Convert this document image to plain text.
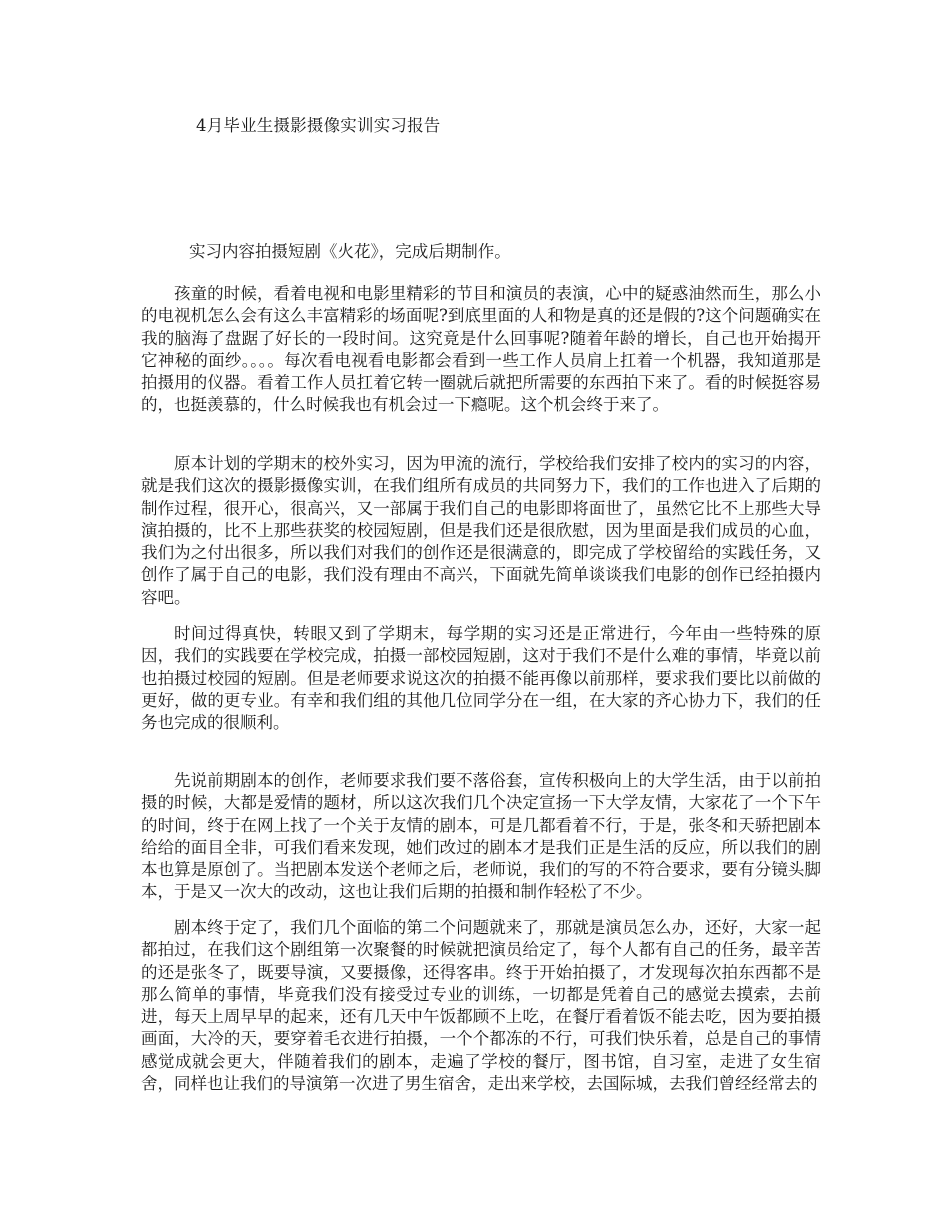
4月毕业生摄影摄像实训实习报告
实习内容拍摄短剧《火花》，完成后期制作。

孩童的时候，看着电视和电影里精彩的节目和演员的表演，心中的疑惑油然而生，那么小的电视机怎么会有这么丰富精彩的场面呢?到底里面的人和物是真的还是假的?这个问题确实在我的脑海了盘踞了好长的一段时间。这究竟是什么回事呢?随着年龄的增长，自己也开始揭开它神秘的面纱。。。。每次看电视看电影都会看到一些工作人员肩上扛着一个机器，我知道那是拍摄用的仪器。看着工作人员扛着它转一圈就后就把所需要的东西拍下来了。看的时候挺容易的，也挺羡慕的，什么时候我也有机会过一下瘾呢。这个机会终于来了。

原本计划的学期末的校外实习，因为甲流的流行，学校给我们安排了校内的实习的内容，就是我们这次的摄影摄像实训，在我们组所有成员的共同努力下，我们的工作也进入了后期的制作过程，很开心，很高兴，又一部属于我们自己的电影即将面世了，虽然它比不上那些大导演拍摄的，比不上那些获奖的校园短剧，但是我们还是很欣慰，因为里面是我们成员的心血，我们为之付出很多，所以我们对我们的创作还是很满意的，即完成了学校留给的实践任务，又创作了属于自己的电影，我们没有理由不高兴，下面就先简单谈谈我们电影的创作已经拍摄内容吧。

时间过得真快，转眼又到了学期末，每学期的实习还是正常进行，今年由一些特殊的原因，我们的实践要在学校完成，拍摄一部校园短剧，这对于我们不是什么难的事情，毕竟以前也拍摄过校园的短剧。但是老师要求说这次的拍摄不能再像以前那样，要求我们要比以前做的更好，做的更专业。有幸和我们组的其他几位同学分在一组，在大家的齐心协力下，我们的任务也完成的很顺利。

先说前期剧本的创作，老师要求我们要不落俗套，宣传积极向上的大学生活，由于以前拍摄的时候，大都是爱情的题材，所以这次我们几个决定宣扬一下大学友情，大家花了一个下午的时间，终于在网上找了一个关于友情的剧本，可是几都看着不行，于是，张冬和天骄把剧本给给的面目全非，可我们看来发现，她们改过的剧本才是我们正是生活的反应，所以我们的剧本也算是原创了。当把剧本发送个老师之后，老师说，我们的写的不符合要求，要有分镜头脚本，于是又一次大的改动，这也让我们后期的拍摄和制作轻松了不少。

剧本终于定了，我们几个面临的第二个问题就来了，那就是演员怎么办，还好，大家一起都拍过，在我们这个剧组第一次聚餐的时候就把演员给定了，每个人都有自己的任务，最辛苦的还是张冬了，既要导演，又要摄像，还得客串。终于开始拍摄了，才发现每次拍东西都不是那么简单的事情，毕竟我们没有接受过专业的训练，一切都是凭着自己的感觉去摸索，去前进，每天上周早早的起来，还有几天中午饭都顾不上吃，在餐厅看着饭不能去吃，因为要拍摄画面，大冷的天，要穿着毛衣进行拍摄，一个个都冻的不行，可我们快乐着，总是自己的事情感觉成就会更大，伴随着我们的剧本，走遍了学校的餐厅，图书馆，自习室，走进了女生宿舍，同样也让我们的导演第一次进了男生宿舍，走出来学校，去国际城，去我们曾经经常去的
